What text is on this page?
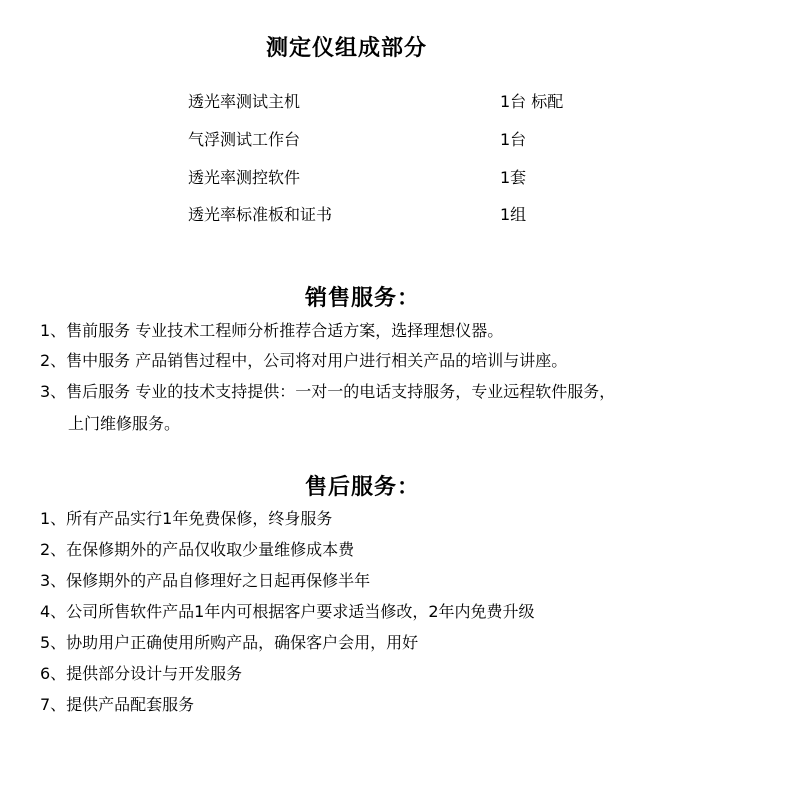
测定仪组成部分
透光率测试主机	1台 标配
气浮测试工作台	1台
透光率测控软件	1套
透光率标准板和证书	1组
销售服务：
1、售前服务 专业技术工程师分析推荐合适方案，选择理想仪器。
2、售中服务 产品销售过程中，公司将对用户进行相关产品的培训与讲座。
3、售后服务 专业的技术支持提供：一对一的电话支持服务，专业远程软件服务，
上门维修服务。
售后服务：
1、所有产品实行1年免费保修，终身服务
2、在保修期外的产品仅收取少量维修成本费
3、保修期外的产品自修理好之日起再保修半年
4、公司所售软件产品1年内可根据客户要求适当修改，2年内免费升级
5、协助用户正确使用所购产品，确保客户会用，用好
6、提供部分设计与开发服务
7、提供产品配套服务
